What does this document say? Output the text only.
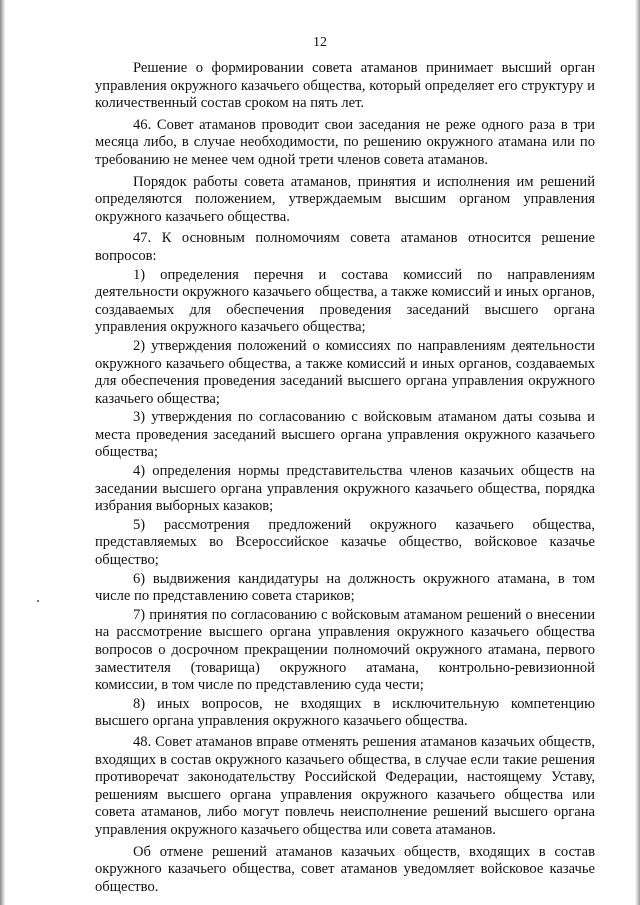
12

Решение о формировании совета атаманов принимает высший орган управления окружного казачьего общества, который определяет его структуру и количественный состав сроком на пять лет.

46. Совет атаманов проводит свои заседания не реже одного раза в три месяца либо, в случае необходимости, по решению окружного атамана или по требованию не менее чем одной трети членов совета атаманов.

Порядок работы совета атаманов, принятия и исполнения им решений определяются положением, утверждаемым высшим органом управления окружного казачьего общества.

47. К основным полномочиям совета атаманов относится решение вопросов:

1) определения перечня и состава комиссий по направлениям деятельности окружного казачьего общества, а также комиссий и иных органов, создаваемых для обеспечения проведения заседаний высшего органа управления окружного казачьего общества;

2) утверждения положений о комиссиях по направлениям деятельности окружного казачьего общества, а также комиссий и иных органов, создаваемых для обеспечения проведения заседаний высшего органа управления окружного казачьего общества;

3) утверждения по согласованию с войсковым атаманом даты созыва и места проведения заседаний высшего органа управления окружного казачьего общества;

4) определения нормы представительства членов казачьих обществ на заседании высшего органа управления окружного казачьего общества, порядка избрания выборных казаков;

5) рассмотрения предложений окружного казачьего общества, представляемых во Всероссийское казачье общество, войсковое казачье общество;

6) выдвижения кандидатуры на должность окружного атамана, в том числе по представлению совета стариков;

7) принятия по согласованию с войсковым атаманом решений о внесении на рассмотрение высшего органа управления окружного казачьего общества вопросов о досрочном прекращении полномочий окружного атамана, первого заместителя (товарища) окружного атамана, контрольно-ревизионной комиссии, в том числе по представлению суда чести;

8) иных вопросов, не входящих в исключительную компетенцию высшего органа управления окружного казачьего общества.

48. Совет атаманов вправе отменять решения атаманов казачьих обществ, входящих в состав окружного казачьего общества, в случае если такие решения противоречат законодательству Российской Федерации, настоящему Уставу, решениям высшего органа управления окружного казачьего общества или совета атаманов, либо могут повлечь неисполнение решений высшего органа управления окружного казачьего общества или совета атаманов.

Об отмене решений атаманов казачьих обществ, входящих в состав окружного казачьего общества, совет атаманов уведомляет войсковое казачье общество.
